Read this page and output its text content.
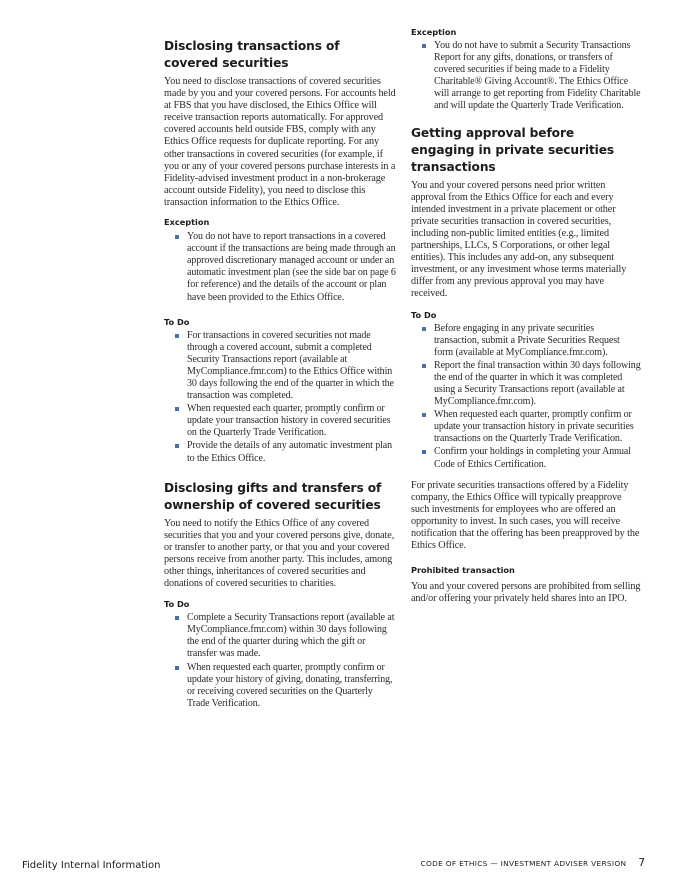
Disclosing transactions of covered securities

You need to disclose transactions of covered securities made by you and your covered persons. For accounts held at FBS that you have disclosed, the Ethics Office will receive transaction reports automatically. For approved covered accounts held outside FBS, comply with any Ethics Office requests for duplicate reporting. For any other transactions in covered securities (for example, if you or any of your covered persons purchase interests in a Fidelity-advised investment product in a non-brokerage account outside Fidelity), you need to disclose this transaction information to the Ethics Office.

Exception

You do not have to report transactions in a covered account if the transactions are being made through an approved discretionary managed account or under an automatic investment plan (see the side bar on page 6 for reference) and the details of the account or plan have been provided to the Ethics Office.

To Do

For transactions in covered securities not made through a covered account, submit a completed Security Transactions report (available at MyCompliance.fmr.com) to the Ethics Office within 30 days following the end of the quarter in which the transaction was completed.
When requested each quarter, promptly confirm or update your transaction history in covered securities on the Quarterly Trade Verification.
Provide the details of any automatic investment plan to the Ethics Office.
Disclosing gifts and transfers of ownership of covered securities

You need to notify the Ethics Office of any covered securities that you and your covered persons give, donate, or transfer to another party, or that you and your covered persons receive from another party. This includes, among other things, inheritances of covered securities and donations of covered securities to charities.

To Do

Complete a Security Transactions report (available at MyCompliance.fmr.com) within 30 days following the end of the quarter during which the gift or transfer was made.
When requested each quarter, promptly confirm or update your history of giving, donating, transferring, or receiving covered securities on the Quarterly Trade Verification.

Exception

You do not have to submit a Security Transactions Report for any gifts, donations, or transfers of covered securities if being made to a Fidelity Charitable® Giving Account®. The Ethics Office will arrange to get reporting from Fidelity Charitable and will update the Quarterly Trade Verification.
Getting approval before engaging in private securities transactions

You and your covered persons need prior written approval from the Ethics Office for each and every intended investment in a private placement or other private securities transaction in covered securities, including non-public limited entities (e.g., limited partnerships, LLCs, S Corporations, or other legal entities). This includes any add-on, any subsequent investment, or any investment whose terms materially differ from any previous approval you may have received.

To Do

Before engaging in any private securities transaction, submit a Private Securities Request form (available at MyCompliance.fmr.com).
Report the final transaction within 30 days following the end of the quarter in which it was completed using a Security Transactions report (available at MyCompliance.fmr.com).
When requested each quarter, promptly confirm or update your transaction history in private securities transactions on the Quarterly Trade Verification.
Confirm your holdings in completing your Annual Code of Ethics Certification.

For private securities transactions offered by a Fidelity company, the Ethics Office will typically preapprove such investments for employees who are offered an opportunity to invest. In such cases, you will receive notification that the offering has been preapproved by the Ethics Office.

Prohibited transaction

You and your covered persons are prohibited from selling and/or offering your privately held shares into an IPO.

Fidelity Internal Information	CODE OF ETHICS — INVESTMENT ADVISER VERSION 7
